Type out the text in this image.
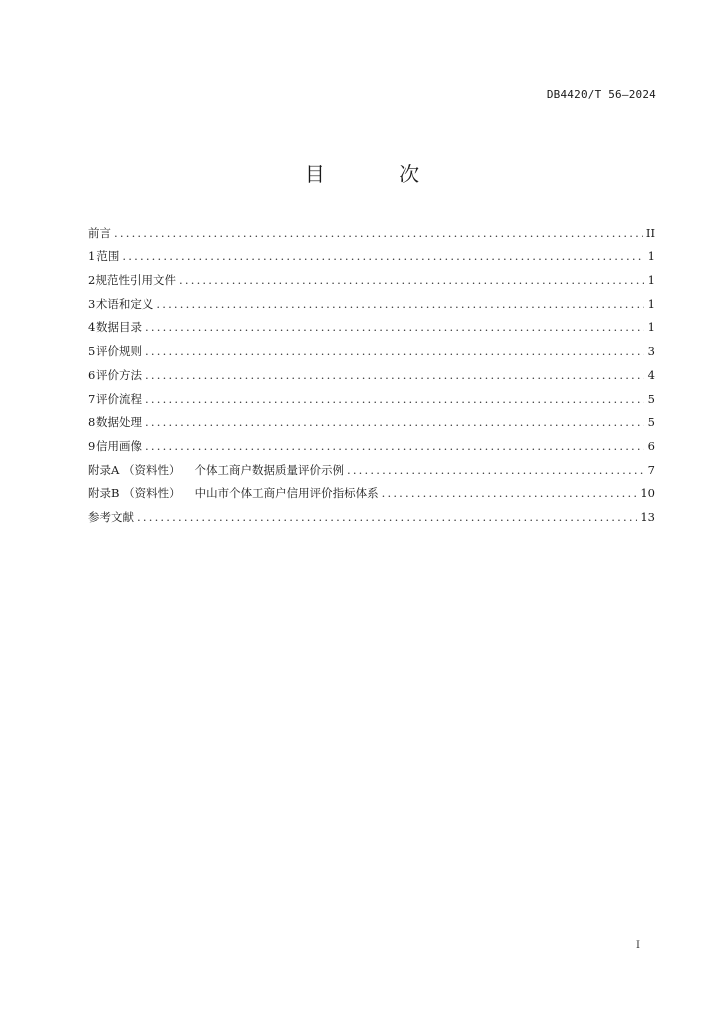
DB4420/T 56—2024
目 次
前言 .....	II
1 范围 .....	1
2 规范性引用文件 .....	1
3 术语和定义 .....	1
4 数据目录 .....	1
5 评价规则 .....	3
6 评价方法 .....	4
7 评价流程 .....	5
8 数据处理 .....	5
9 信用画像 .....	6
附录A （资料性） 个体工商户数据质量评价示例 .....	7
附录B （资料性） 中山市个体工商户信用评价指标体系 .....	10
参考文献 .....	13
I
